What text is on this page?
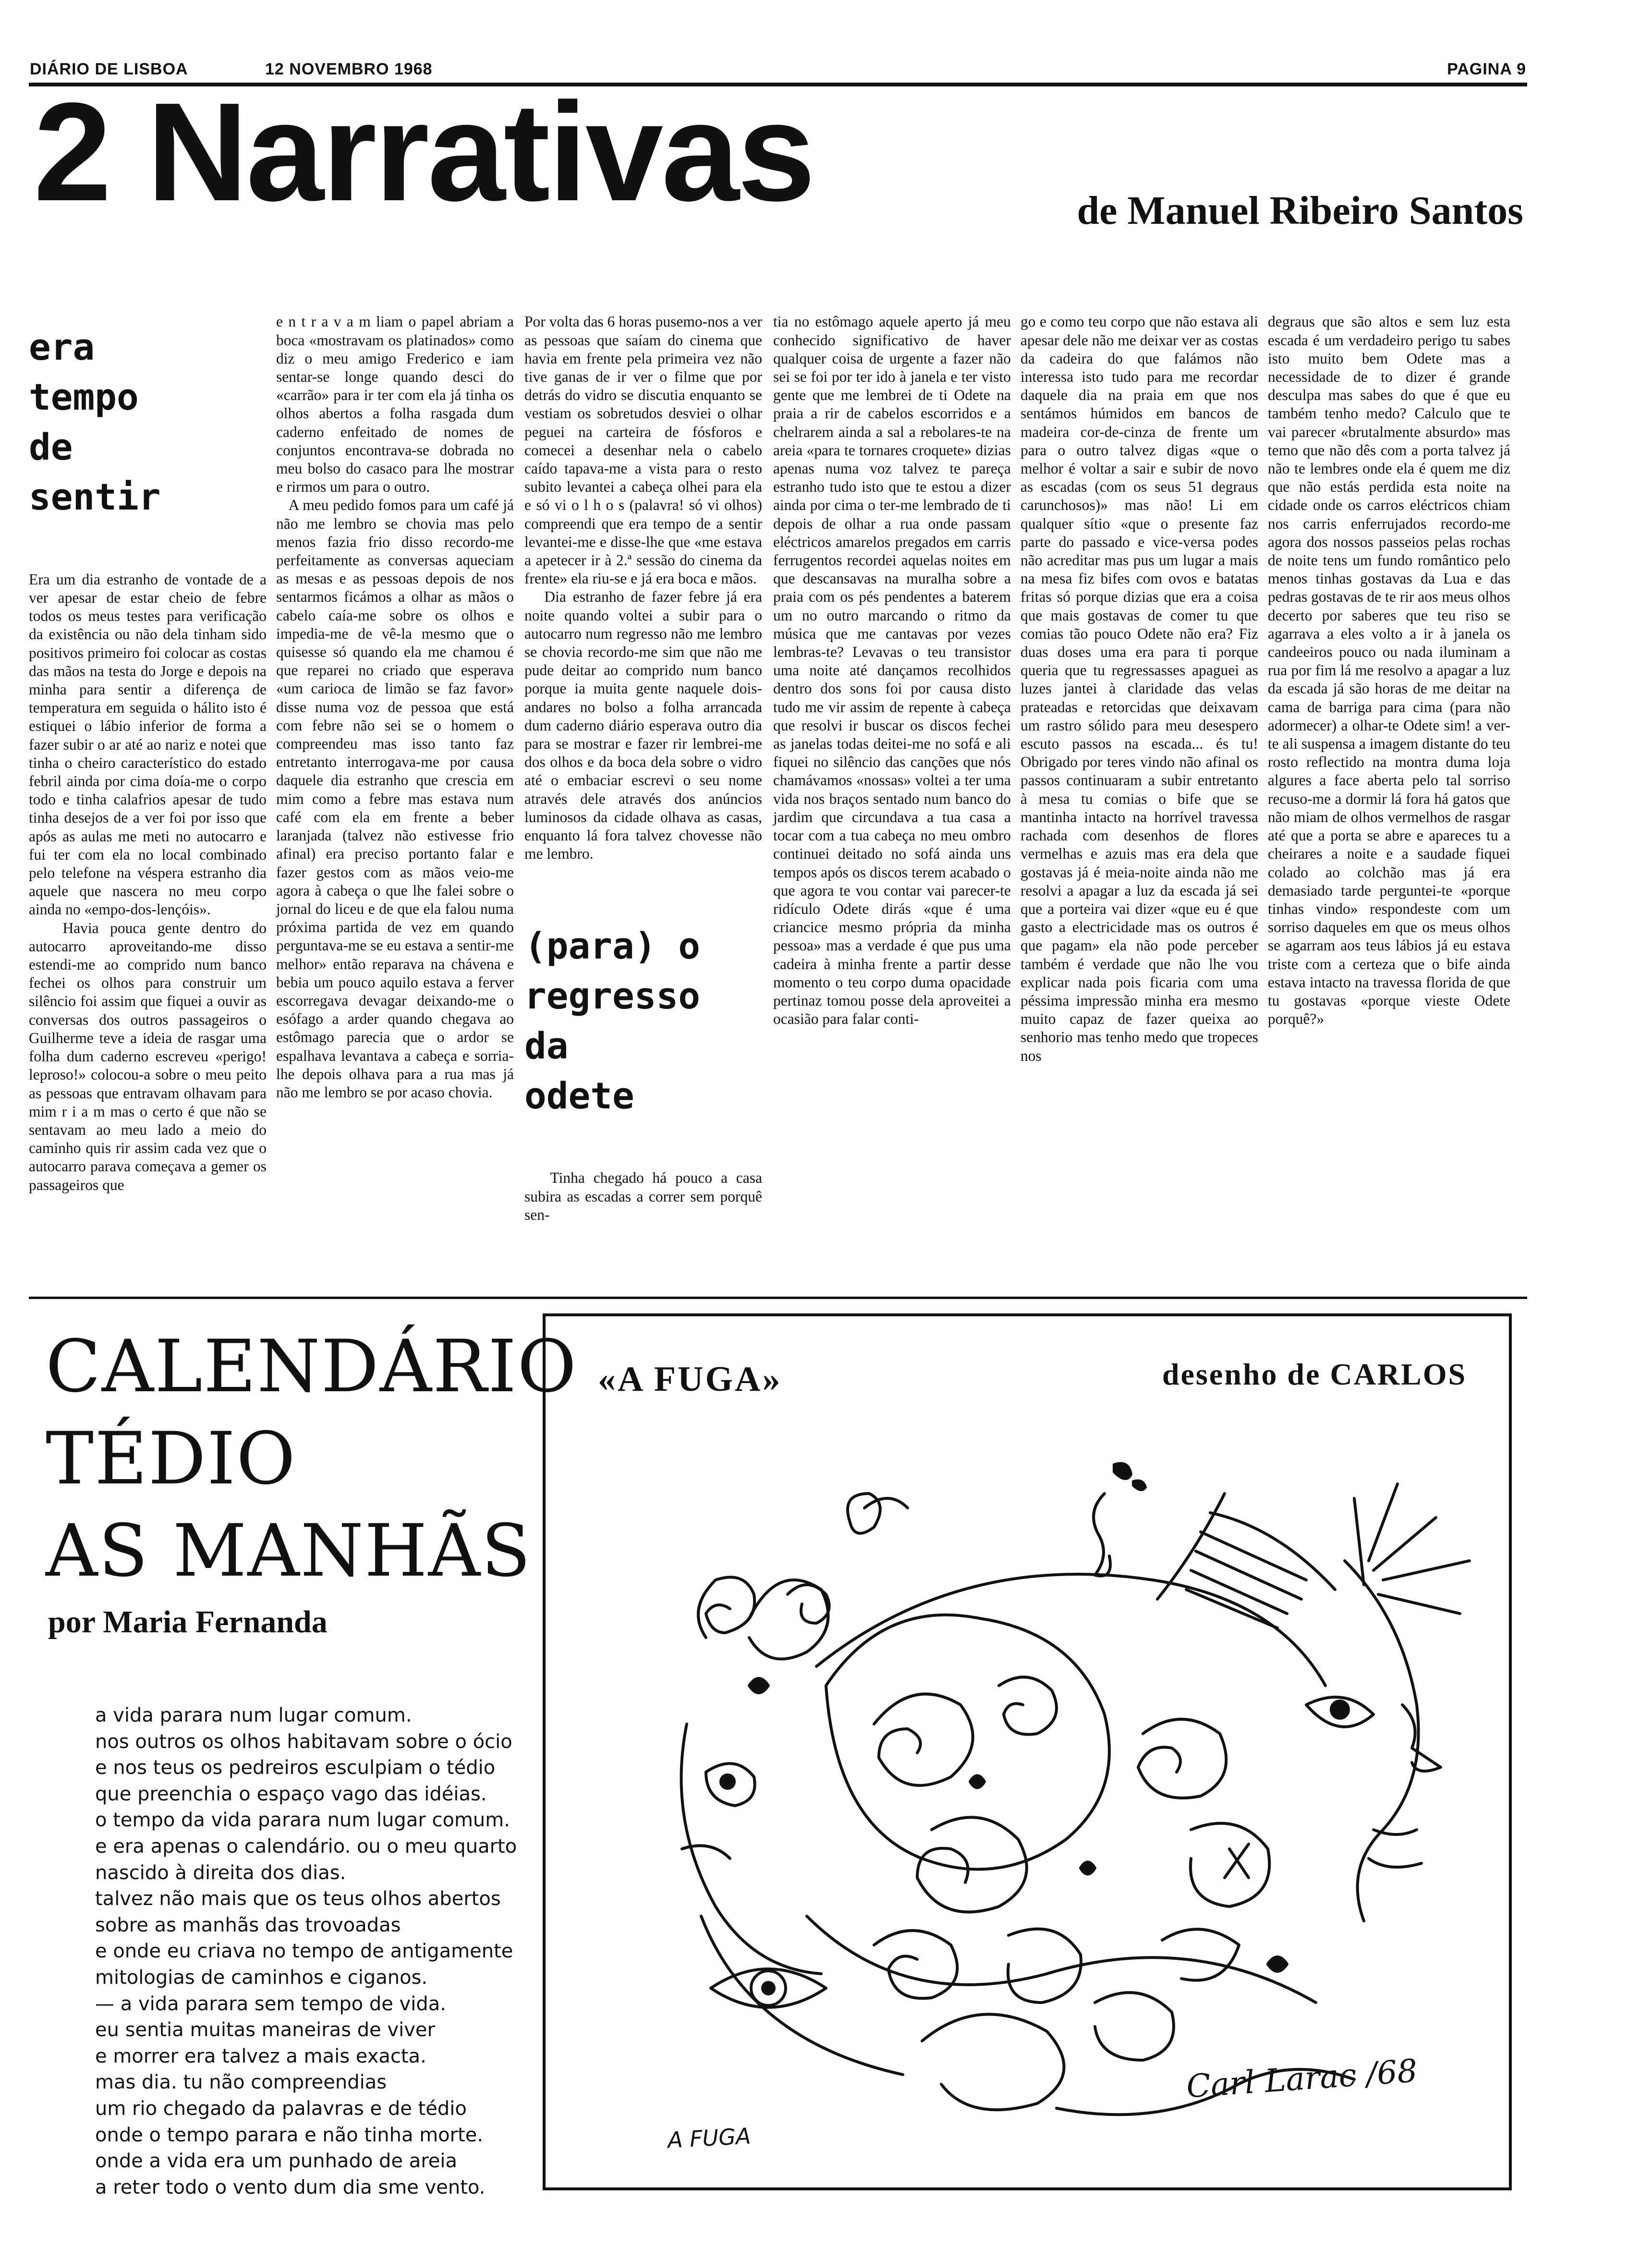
DIÁRIO DE LISBOA	12 NOVEMBRO 1968	PAGINA 9
2 Narrativas	de Manuel Ribeiro Santos

era
tempo
de
sentir

Era um dia estranho de vontade de a ver apesar de estar cheio de febre todos os meus testes para verificação da existência ou não dela tinham sido positivos primeiro foi colocar as costas das mãos na testa do Jorge e depois na minha para sentir a diferença de temperatura em seguida o hálito isto é estiquei o lábio inferior de forma a fazer subir o ar até ao nariz e notei que tinha o cheiro característico do estado febril ainda por cima doía-me o corpo todo e tinha calafrios apesar de tudo tinha desejos de a ver foi por isso que após as aulas me meti no autocarro e fui ter com ela no local combinado pelo telefone na véspera estranho dia aquele que nascera no meu corpo ainda no «empo-dos-lençóis».
Havia pouca gente dentro do autocarro aproveitando-me disso estendi-me ao comprido num banco fechei os olhos para construir um silêncio foi assim que fiquei a ouvir as conversas dos outros passageiros o Guilherme teve a ideia de rasgar uma folha dum caderno escreveu «perigo! leproso!» colocou-a sobre o meu peito as pessoas que entravam olhavam para mim r i a m mas o certo é que não se sentavam ao meu lado a meio do caminho quis rir assim cada vez que o autocarro parava começava a gemer os passageiros que

e n t r a v a m liam o papel abriam a boca «mostravam os platinados» como diz o meu amigo Frederico e iam sentar-se longe quando desci do «carrão» para ir ter com ela já tinha os olhos abertos a folha rasgada dum caderno enfeitado de nomes de conjuntos encontrava-se dobrada no meu bolso do casaco para lhe mostrar e rirmos um para o outro.
A meu pedido fomos para um café já não me lembro se chovia mas pelo menos fazia frio disso recordo-me perfeitamente as conversas aqueciam as mesas e as pessoas depois de nos sentarmos ficámos a olhar as mãos o cabelo caía-me sobre os olhos e impedia-me de vê-la mesmo que o quisesse só quando ela me chamou é que reparei no criado que esperava «um carioca de limão se faz favor» disse numa voz de pessoa que está com febre não sei se o homem o compreendeu mas isso tanto faz entretanto interrogava-me por causa daquele dia estranho que crescia em mim como a febre mas estava num café com ela em frente a beber laranjada (talvez não estivesse frio afinal) era preciso portanto falar e fazer gestos com as mãos veio-me agora à cabeça o que lhe falei sobre o jornal do liceu e de que ela falou numa próxima partida de vez em quando perguntava-me se eu estava a sentir-me melhor» então reparava na chávena e bebia um pouco aquilo estava a ferver escorregava devagar deixando-me o esófago a arder quando chegava ao estômago parecia que o ardor se espalhava levantava a cabeça e sorria-lhe depois olhava para a rua mas já não me lembro se por acaso chovia.

Por volta das 6 horas pusemo-nos a ver as pessoas que saíam do cinema que havia em frente pela primeira vez não tive ganas de ir ver o filme que por detrás do vidro se discutia enquanto se vestiam os sobretudos desviei o olhar peguei na carteira de fósforos e comecei a desenhar nela o cabelo caído tapava-me a vista para o resto subito levantei a cabeça olhei para ela e só vi o l h o s (palavra! só vi olhos) compreendi que era tempo de a sentir levantei-me e disse-lhe que «me estava a apetecer ir à 2.ª sessão do cinema da frente» ela riu-se e já era boca e mãos.
Dia estranho de fazer febre já era noite quando voltei a subir para o autocarro num regresso não me lembro se chovia recordo-me sim que não me pude deitar ao comprido num banco porque ia muita gente naquele dois-andares no bolso a folha arrancada dum caderno diário esperava outro dia para se mostrar e fazer rir lembrei-me dos olhos e da boca dela sobre o vidro até o embaciar escrevi o seu nome através dele através dos anúncios luminosos da cidade olhava as casas, enquanto lá fora talvez chovesse não me lembro.

(para) o
regresso
da
odete

Tinha chegado há pouco a casa subira as escadas a correr sem porquê sen-

tia no estômago aquele aperto já meu conhecido significativo de haver qualquer coisa de urgente a fazer não sei se foi por ter ido à janela e ter visto gente que me lembrei de ti Odete na praia a rir de cabelos escorridos e a chelrarem ainda a sal a rebolares-te na areia «para te tornares croquete» dizias apenas numa voz talvez te pareça estranho tudo isto que te estou a dizer ainda por cima o ter-me lembrado de ti depois de olhar a rua onde passam eléctricos amarelos pregados em carris ferrugentos recordei aquelas noites em que descansavas na muralha sobre a praia com os pés pendentes a baterem um no outro marcando o ritmo da música que me cantavas por vezes lembras-te? Levavas o teu transistor uma noite até dançamos recolhidos dentro dos sons foi por causa disto tudo me vir assim de repente à cabeça que resolvi ir buscar os discos fechei as janelas todas deitei-me no sofá e ali fiquei no silêncio das canções que nós chamávamos «nossas» voltei a ter uma vida nos braços sentado num banco do jardim que circundava a tua casa a tocar com a tua cabeça no meu ombro continuei deitado no sofá ainda uns tempos após os discos terem acabado o que agora te vou contar vai parecer-te ridículo Odete dirás «que é uma criancice mesmo própria da minha pessoa» mas a verdade é que pus uma cadeira à minha frente a partir desse momento o teu corpo duma opacidade pertinaz tomou posse dela aproveitei a ocasião para falar conti-

go e como teu corpo que não estava ali apesar dele não me deixar ver as costas da cadeira do que falámos não interessa isto tudo para me recordar daquele dia na praia em que nos sentámos húmidos em bancos de madeira cor-de-cinza de frente um para o outro talvez digas «que o melhor é voltar a sair e subir de novo as escadas (com os seus 51 degraus carunchosos)» mas não! Li em qualquer sítio «que o presente faz parte do passado e vice-versa podes não acreditar mas pus um lugar a mais na mesa fiz bifes com ovos e batatas fritas só porque dizias que era a coisa que mais gostavas de comer tu que comias tão pouco Odete não era? Fiz duas doses uma era para ti porque queria que tu regressasses apaguei as luzes jantei à claridade das velas prateadas e retorcidas que deixavam um rastro sólido para meu desespero escuto passos na escada... és tu! Obrigado por teres vindo não afinal os passos continuaram a subir entretanto à mesa tu comias o bife que se mantinha intacto na horrível travessa rachada com desenhos de flores vermelhas e azuis mas era dela que gostavas já é meia-noite ainda não me resolvi a apagar a luz da escada já sei que a porteira vai dizer «que eu é que gasto a electricidade mas os outros é que pagam» ela não pode perceber também é verdade que não lhe vou explicar nada pois ficaria com uma péssima impressão minha era mesmo muito capaz de fazer queixa ao senhorio mas tenho medo que tropeces nos

degraus que são altos e sem luz esta escada é um verdadeiro perigo tu sabes isto muito bem Odete mas a necessidade de to dizer é grande desculpa mas sabes do que é que eu também tenho medo? Calculo que te vai parecer «brutalmente absurdo» mas temo que não dês com a porta talvez já não te lembres onde ela é quem me diz que não estás perdida esta noite na cidade onde os carros eléctricos chiam nos carris enferrujados recordo-me agora dos nossos passeios pelas rochas de noite tens um fundo romântico pelo menos tinhas gostavas da Lua e das pedras gostavas de te rir aos meus olhos decerto por saberes que teu riso se agarrava a eles volto a ir à janela os candeeiros pouco ou nada iluminam a rua por fim lá me resolvo a apagar a luz da escada já são horas de me deitar na cama de barriga para cima (para não adormecer) a olhar-te Odete sim! a ver-te ali suspensa a imagem distante do teu rosto reflectido na montra duma loja algures a face aberta pelo tal sorriso recuso-me a dormir lá fora há gatos que não miam de olhos vermelhos de rasgar até que a porta se abre e apareces tu a cheirares a noite e a saudade fiquei colado ao colchão mas já era demasiado tarde perguntei-te «porque tinhas vindo» respondeste com um sorriso daqueles em que os meus olhos se agarram aos teus lábios já eu estava triste com a certeza que o bife ainda estava intacto na travessa florida de que tu gostavas «porque vieste Odete porquê?»

CALENDÁRIO
TÉDIO
AS MANHÃS
por Maria Fernanda
a vida parara num lugar comum.
nos outros os olhos habitavam sobre o ócio
e nos teus os pedreiros esculpiam o tédio
que preenchia o espaço vago das idéias.
o tempo da vida parara num lugar comum.
e era apenas o calendário. ou o meu quarto
nascido à direita dos dias.
talvez não mais que os teus olhos abertos
sobre as manhãs das trovoadas
e onde eu criava no tempo de antigamente
mitologias de caminhos e ciganos.
— a vida parara sem tempo de vida.
eu sentia muitas maneiras de viver
e morrer era talvez a mais exacta.
mas dia. tu não compreendias
um rio chegado da palavras e de tédio
onde o tempo parara e não tinha morte.
onde a vida era um punhado de areia
a reter todo o vento dum dia sme vento.
«A FUGA»	desenho de CARLOS
A FUGA
Carl Larac /68
